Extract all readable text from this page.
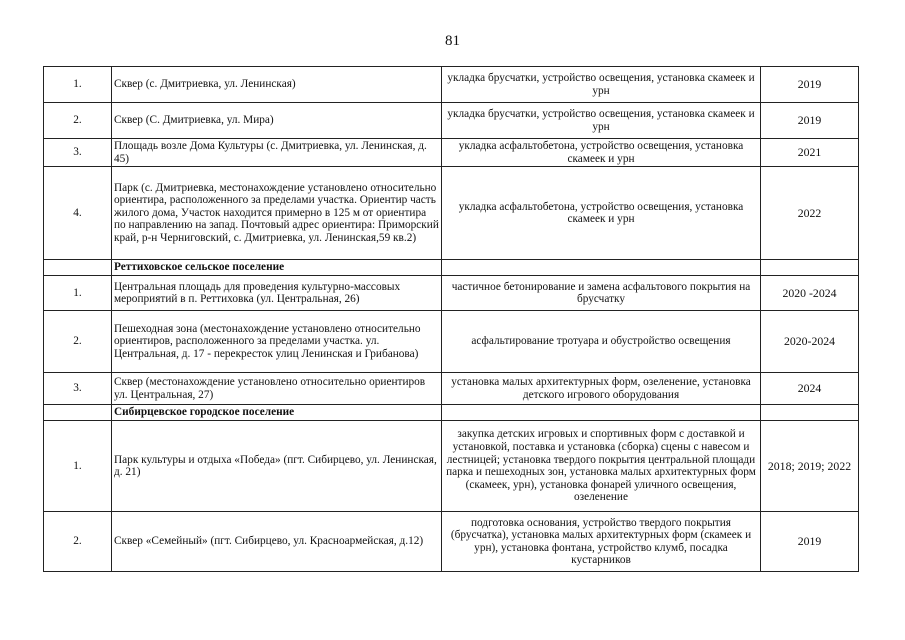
81
1.	Сквер (с. Дмитриевка, ул. Ленинская)	укладка брусчатки, устройство освещения, установка скамеек и урн	2019
2.	Сквер (С. Дмитриевка, ул. Мира)	укладка брусчатки, устройство освещения, установка скамеек и урн	2019
3.	Площадь возле Дома Культуры (с. Дмитриевка, ул. Ленинская, д. 45)	укладка асфальтобетона, устройство освещения, установка скамеек и урн	2021
4.	Парк (с. Дмитриевка, местонахождение установлено относительно ориентира, расположенного за пределами участка. Ориентир часть жилого дома, Участок находится примерно в 125 м от ориентира по направлению на запад. Почтовый адрес ориентира: Приморский край, р-н Черниговский, с. Дмитриевка, ул. Ленинская,59 кв.2)	укладка асфальтобетона, устройство освещения, установка скамеек и урн	2022
	Реттиховское сельское поселение		
1.	Центральная площадь для проведения культурно-массовых мероприятий в п. Реттиховка (ул. Центральная, 26)	частичное бетонирование и замена асфальтового покрытия на брусчатку	2020 -2024
2.	Пешеходная зона (местонахождение установлено относительно ориентиров, расположенного за пределами участка. ул. Центральная, д. 17 - перекресток улиц Ленинская и Грибанова)	асфальтирование тротуара и обустройство освещения	2020-2024
3.	Сквер (местонахождение установлено относительно ориентиров ул. Центральная, 27)	установка малых архитектурных форм, озеленение, установка детского игрового оборудования	2024
	Сибирцевское городское поселение		
1.	Парк культуры и отдыха «Победа» (пгт. Сибирцево, ул. Ленинская, д. 21)	закупка детских игровых и спортивных форм с доставкой и установкой, поставка и установка (сборка) сцены с навесом и лестницей; установка твердого покрытия центральной площади парка и пешеходных зон, установка малых архитектурных форм (скамеек, урн), установка фонарей уличного освещения, озеленение	2018; 2019; 2022
2.	Сквер «Семейный» (пгт. Сибирцево, ул. Красноармейская, д.12)	подготовка основания, устройство твердого покрытия (брусчатка), установка малых архитектурных форм (скамеек и урн), установка фонтана, устройство клумб, посадка кустарников	2019
